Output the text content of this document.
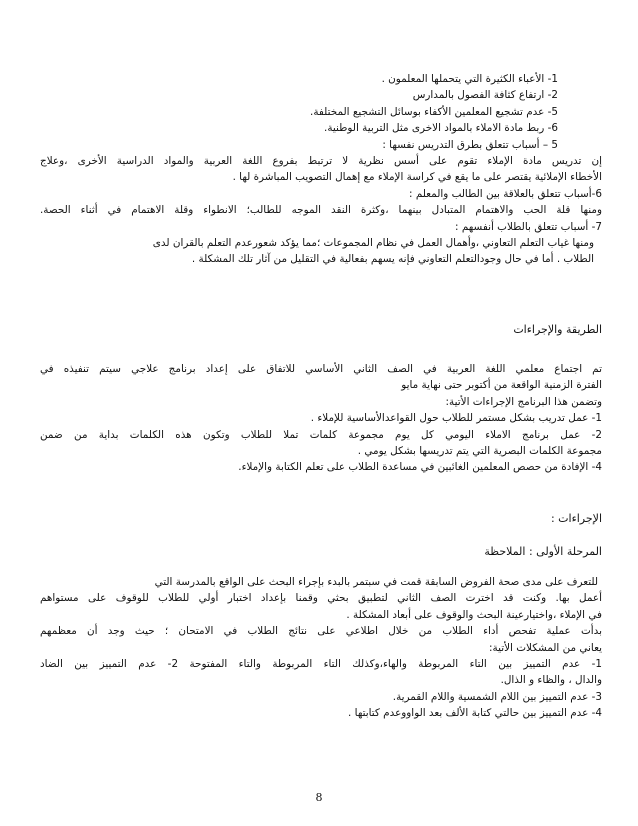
1- الأعباء الكثيرة التي يتحملها المعلمون .
2- ارتفاع كثافة الفصول بالمدارس
5- عدم تشجيع المعلمين الأكفاء بوسائل التشجيع المختلفة.
6- ربط مادة الاملاء بالمواد الاخرى مثل التربية الوطنية.
5 – أسباب تتعلق بطرق التدريس نفسها :
إن تدريس مادة الإملاء تقوم على أسس نظرية لا ترتبط بفروع اللغة العربية والمواد الدراسية الأخرى ،وعلاج
الأخطاء الإملائية يقتصر على ما يقع في كراسة الإملاء مع إهمال التصويب المباشرة لها .
6-أسباب تتعلق بالعلاقة بين الطالب والمعلم :
ومنها قلة الحب والاهتمام المتبادل بينهما ،وكثرة النقد الموجه للطالب؛ الانطواء وقلة الاهتمام في أثناء الحصة.
7- أسباب تتعلق بالطلاب أنفسهم :
ومنها غياب التعلم التعاوني ،وأهمال العمل في نظام المجموعات ؛مما يؤكد شعورعدم التعلم بالقران لدى
الطلاب . أما في حال وجودالتعلم التعاوني فإنه يسهم بفعالية في التقليل من آثار تلك المشكلة .
الطريقة والإجراءات
تم اجتماع معلمي اللغة العربية في الصف الثاني الأساسي للاتفاق على إعداد برنامج علاجي سيتم تنفيذه في
الفترة الزمنية الواقعة من أكتوبر حتى نهاية مايو
وتضمن هذا البرنامج الإجراءات الأتية:
1- عمل تدريب بشكل مستمر للطلاب حول القواعدالأساسية للإملاء .
2- عمل برنامج الاملاء اليومي كل يوم مجموعة كلمات تملا للطلاب وتكون هذه الكلمات بداية من ضمن
مجموعة الكلمات البصرية التي يتم تدريسها بشكل يومي .
4- الإفادة من حصص المعلمين الغائبين في مساعدة الطلاب على تعلم الكتابة والإملاء.
الإجراءات :
المرحلة الأولى : الملاحظة
للتعرف على مدى صحة الفروض السابقة قمت في سبتمر بالبدء بإجراء البحث على الواقع بالمدرسة التي
أعمل بها. وكنت قد اخترت الصف الثاني لتطبيق بحثي وقمنا بإعداد اختبار أولي للطلاب للوقوف على مستواهم
في الإملاء ،واختيارعينة البحث والوقوف على أبعاد المشكلة .
بدأت عملية تفحص أداء الطلاب من خلال اطلاعي على نتائج الطلاب في الامتحان ؛ حيث وجد أن معظمهم
يعاني من المشكلات الأتية:
1- عدم التمييز بين التاء المربوطة والهاء،وكذلك التاء المربوطة والتاء المفتوحة 2- عدم التمييز بين الضاد
والدال ، والظاء و الذال.
3- عدم التمييز بين اللام الشمسية واللام القمرية.
4- عدم التمييز بين حالتي كتابة الألف بعد الواووعدم كتابتها .
8
